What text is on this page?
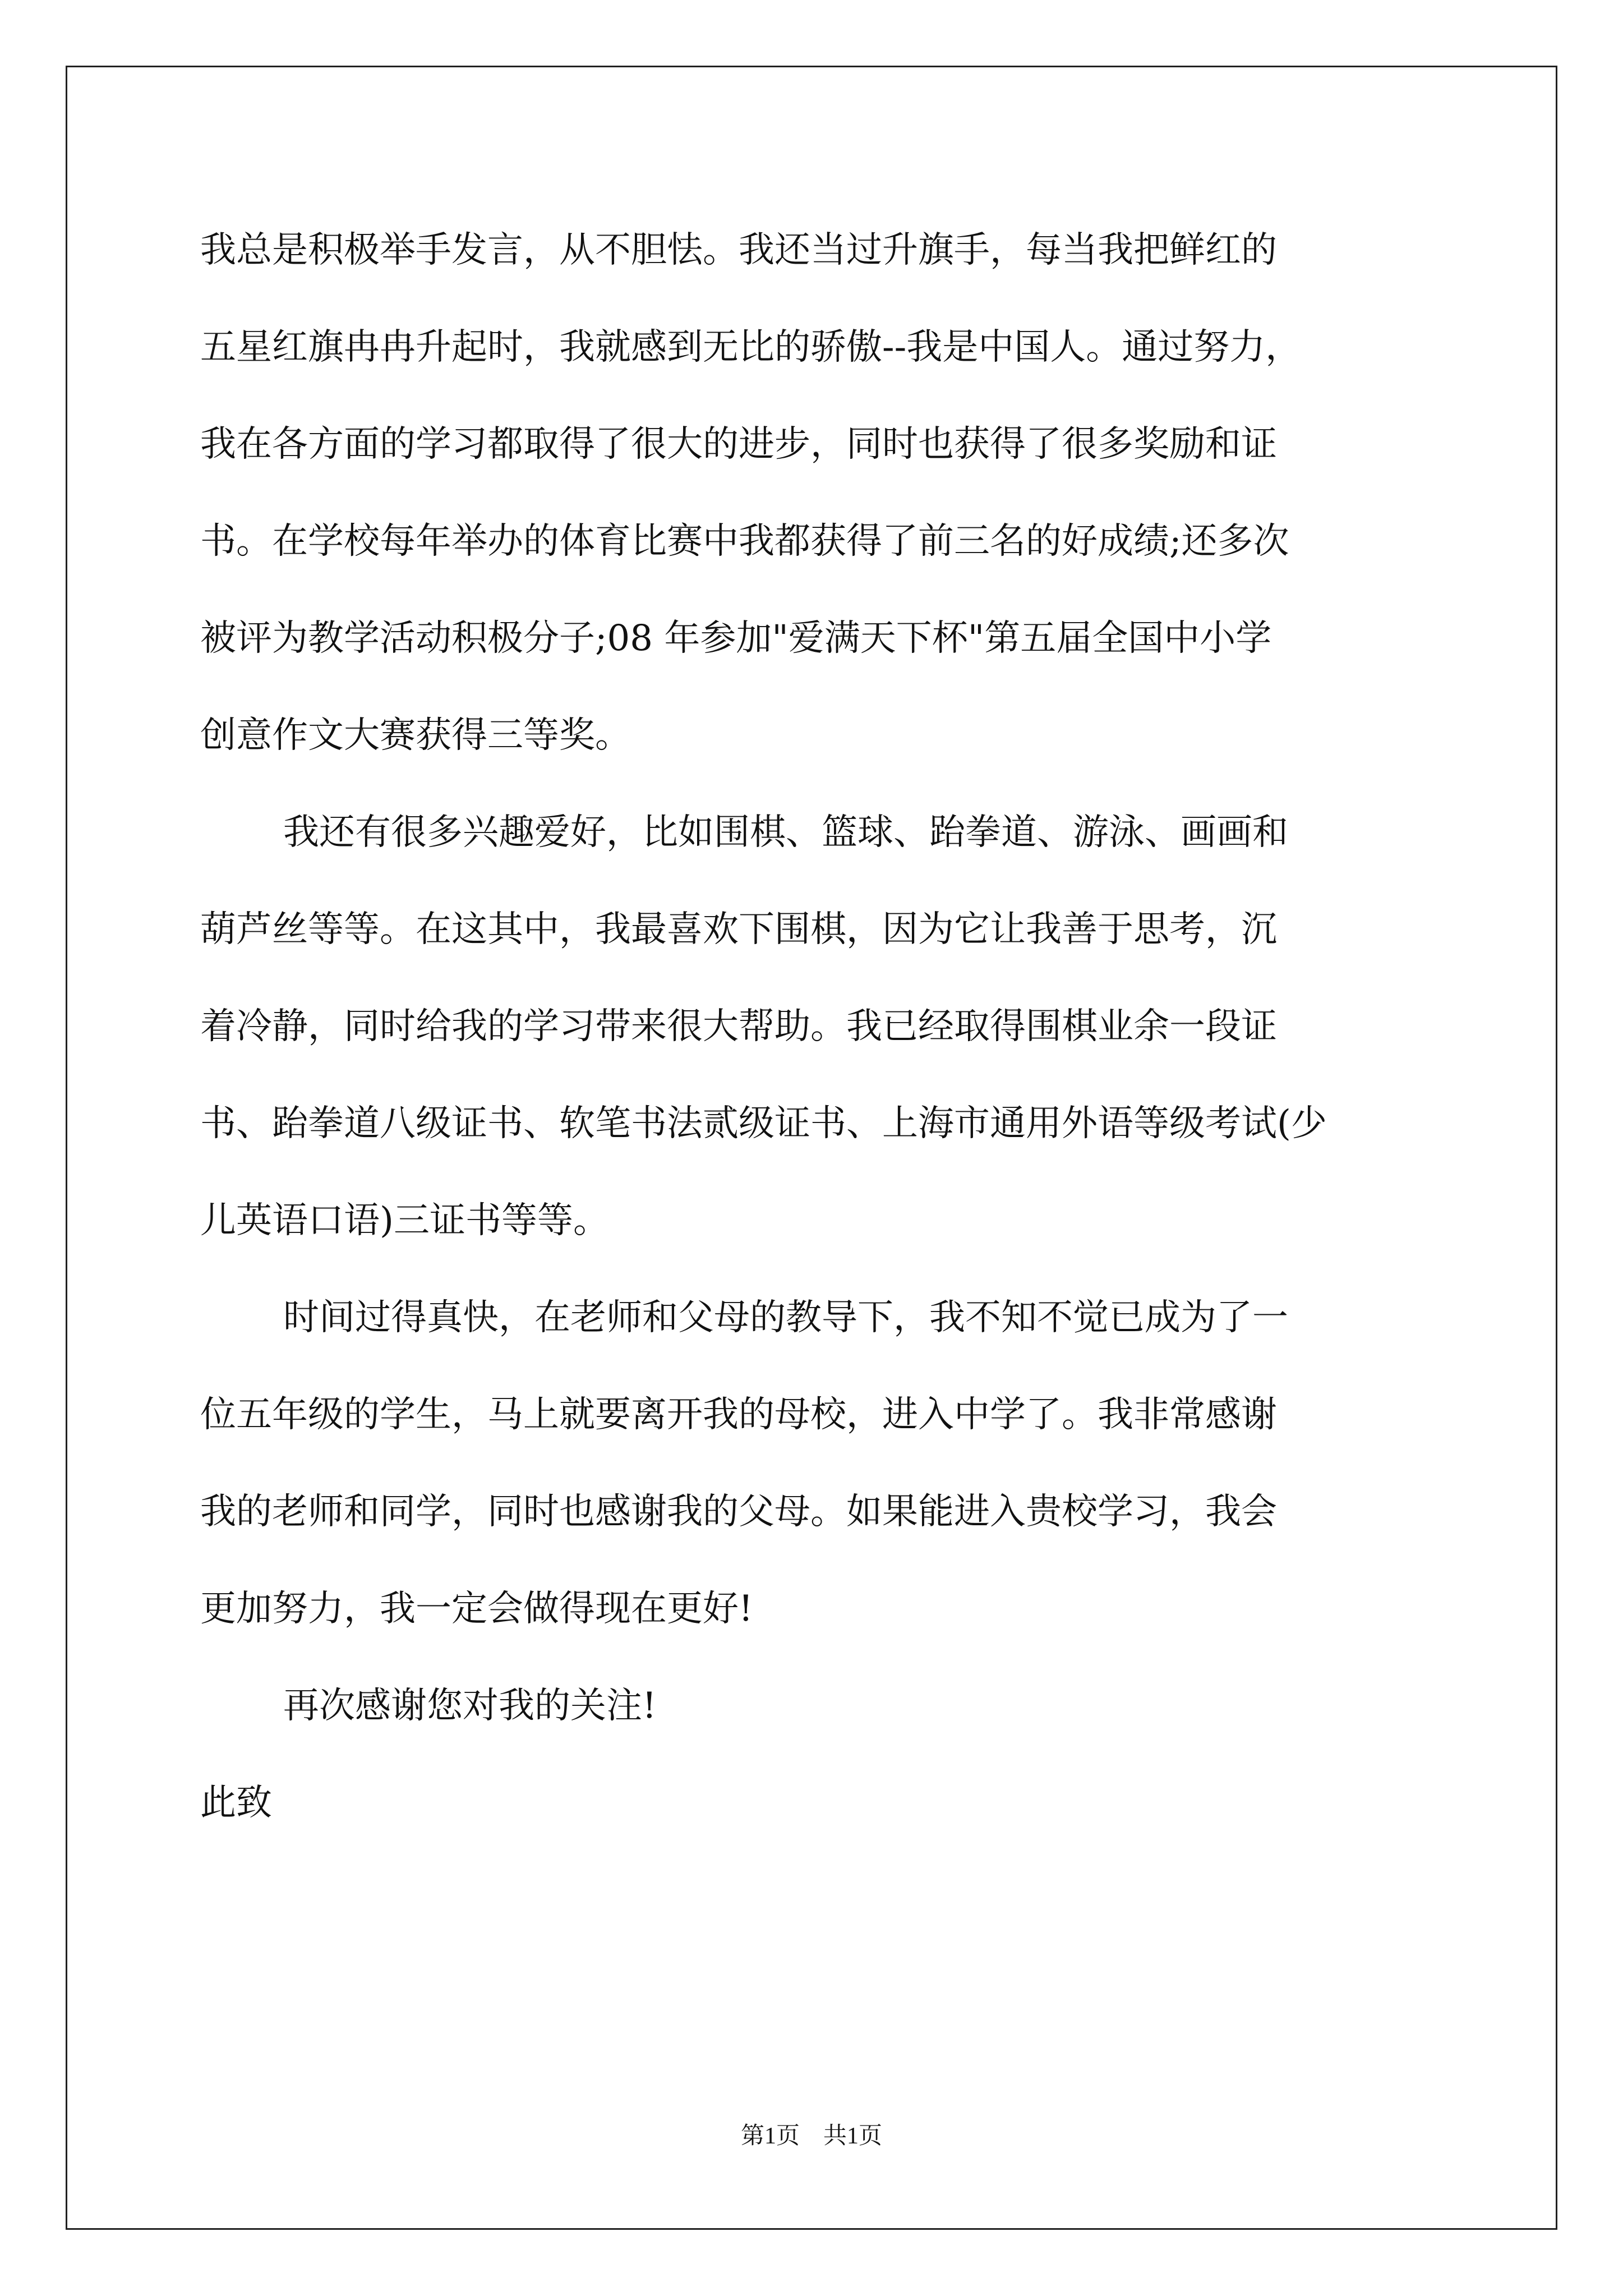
我总是积极举手发言，从不胆怯。我还当过升旗手，每当我把鲜红的
五星红旗冉冉升起时，我就感到无比的骄傲--我是中国人。通过努力，
我在各方面的学习都取得了很大的进步，同时也获得了很多奖励和证
书。在学校每年举办的体育比赛中我都获得了前三名的好成绩;还多次
被评为教学活动积极分子;08 年参加"爱满天下杯"第五届全国中小学
创意作文大赛获得三等奖。
我还有很多兴趣爱好，比如围棋、篮球、跆拳道、游泳、画画和
葫芦丝等等。在这其中，我最喜欢下围棋，因为它让我善于思考，沉
着冷静，同时给我的学习带来很大帮助。我已经取得围棋业余一段证
书、跆拳道八级证书、软笔书法贰级证书、上海市通用外语等级考试(少
儿英语口语)三证书等等。
时间过得真快，在老师和父母的教导下，我不知不觉已成为了一
位五年级的学生，马上就要离开我的母校，进入中学了。我非常感谢
我的老师和同学，同时也感谢我的父母。如果能进入贵校学习，我会
更加努力，我一定会做得现在更好!
再次感谢您对我的关注!
此致
第1页　共1页
